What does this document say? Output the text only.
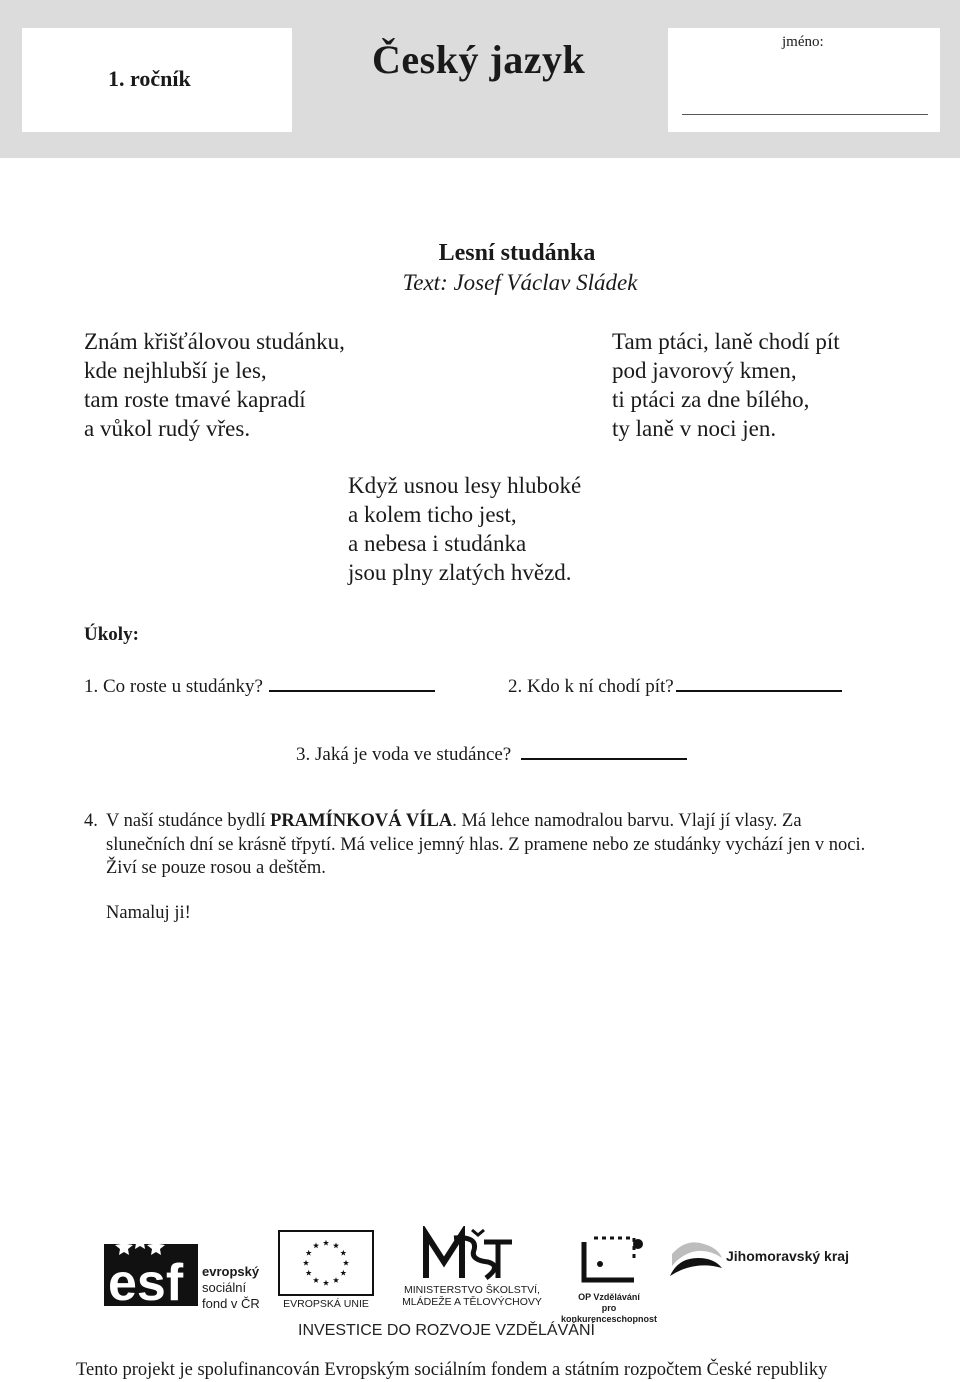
1. ročník	Český jazyk	jméno:
Lesní studánka
Text: Josef Václav Sládek
Znám křišťálovou studánku,
kde nejhlubší je les,
tam roste tmavé kapradí
a vůkol rudý vřes.
Tam ptáci, laně chodí pít
pod javorový kmen,
ti ptáci za dne bílého,
ty laně v noci jen.
Když usnou lesy hluboké
a kolem ticho jest,
a nebesa i studánka
jsou plny zlatých hvězd.
Úkoly:
1. Co roste u studánky?	2. Kdo k ní chodí pít?
3. Jaká je voda ve studánce?
4. V naší studánce bydlí PRAMÍNKOVÁ VÍLA. Má lehce namodralou barvu. Vlají jí vlasy. Za slunečních dní se krásně třpytí. Má velice jemný hlas. Z pramene nebo ze studánky vychází jen v noci. Živí se pouze rosou a deštěm.
Namaluj ji!
esf evropský
sociální
fond v ČR	EVROPSKÁ UNIE
MINISTERSTVO ŠKOLSTVÍ,
MLÁDEŽE A TĚLOVÝCHOVY	OP Vzdělávání
pro konkurenceschopnost
Jihomoravský kraj
INVESTICE DO ROZVOJE VZDĚLÁVÁNÍ
Tento projekt je spolufinancován Evropským sociálním fondem a státním rozpočtem České republiky
